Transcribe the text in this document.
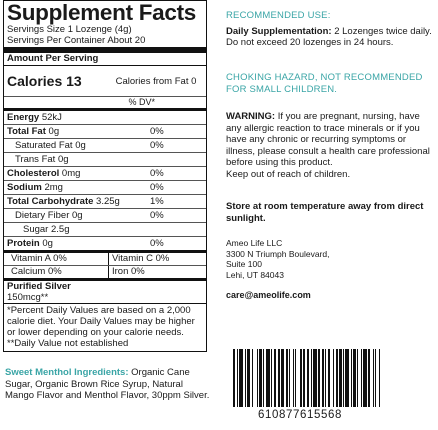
Supplement Facts
Servings Size 1 Lozenge (4g)
Servings Per Container About 20
Amount Per Serving
Calories 13	Calories from Fat 0
% DV*
Energy 52kJ
Total Fat 0g	0%
Saturated Fat 0g	0%
Trans Fat 0g
Cholesterol 0mg	0%
Sodium 2mg	0%
Total Carbohydrate 3.25g	1%
Dietary Fiber 0g	0%
Sugar 2.5g
Protein 0g	0%
Vitamin A 0%	Vitamin C 0%
Calcium 0%	Iron 0%
Purified Silver
150mcg**
*Percent Daily Values are based on a 2,000 calorie diet. Your Daily Values may be higher or lower depending on your calorie needs.
**Daily Value not established
Sweet Menthol Ingredients: Organic Cane Sugar, Organic Brown Rice Syrup, Natural Mango Flavor and Menthol Flavor, 30ppm Silver.

RECOMMENDED USE:

Daily Supplementation: 2 Lozenges twice daily. Do not exceed 20 lozenges in 24 hours.

CHOKING HAZARD, NOT RECOMMENDED FOR SMALL CHILDREN.

WARNING: If you are pregnant, nursing, have any allergic reaction to trace minerals or if you have any chronic or recurring symptoms or illness, please consult a health care professional before using this product.

Keep out of reach of children.

Store at room temperature away from direct sunlight.

Ameo Life LLC

3300 N Triumph Boulevard,

Suite 100

Lehi, UT 84043

care@ameolife.com
610877615568
